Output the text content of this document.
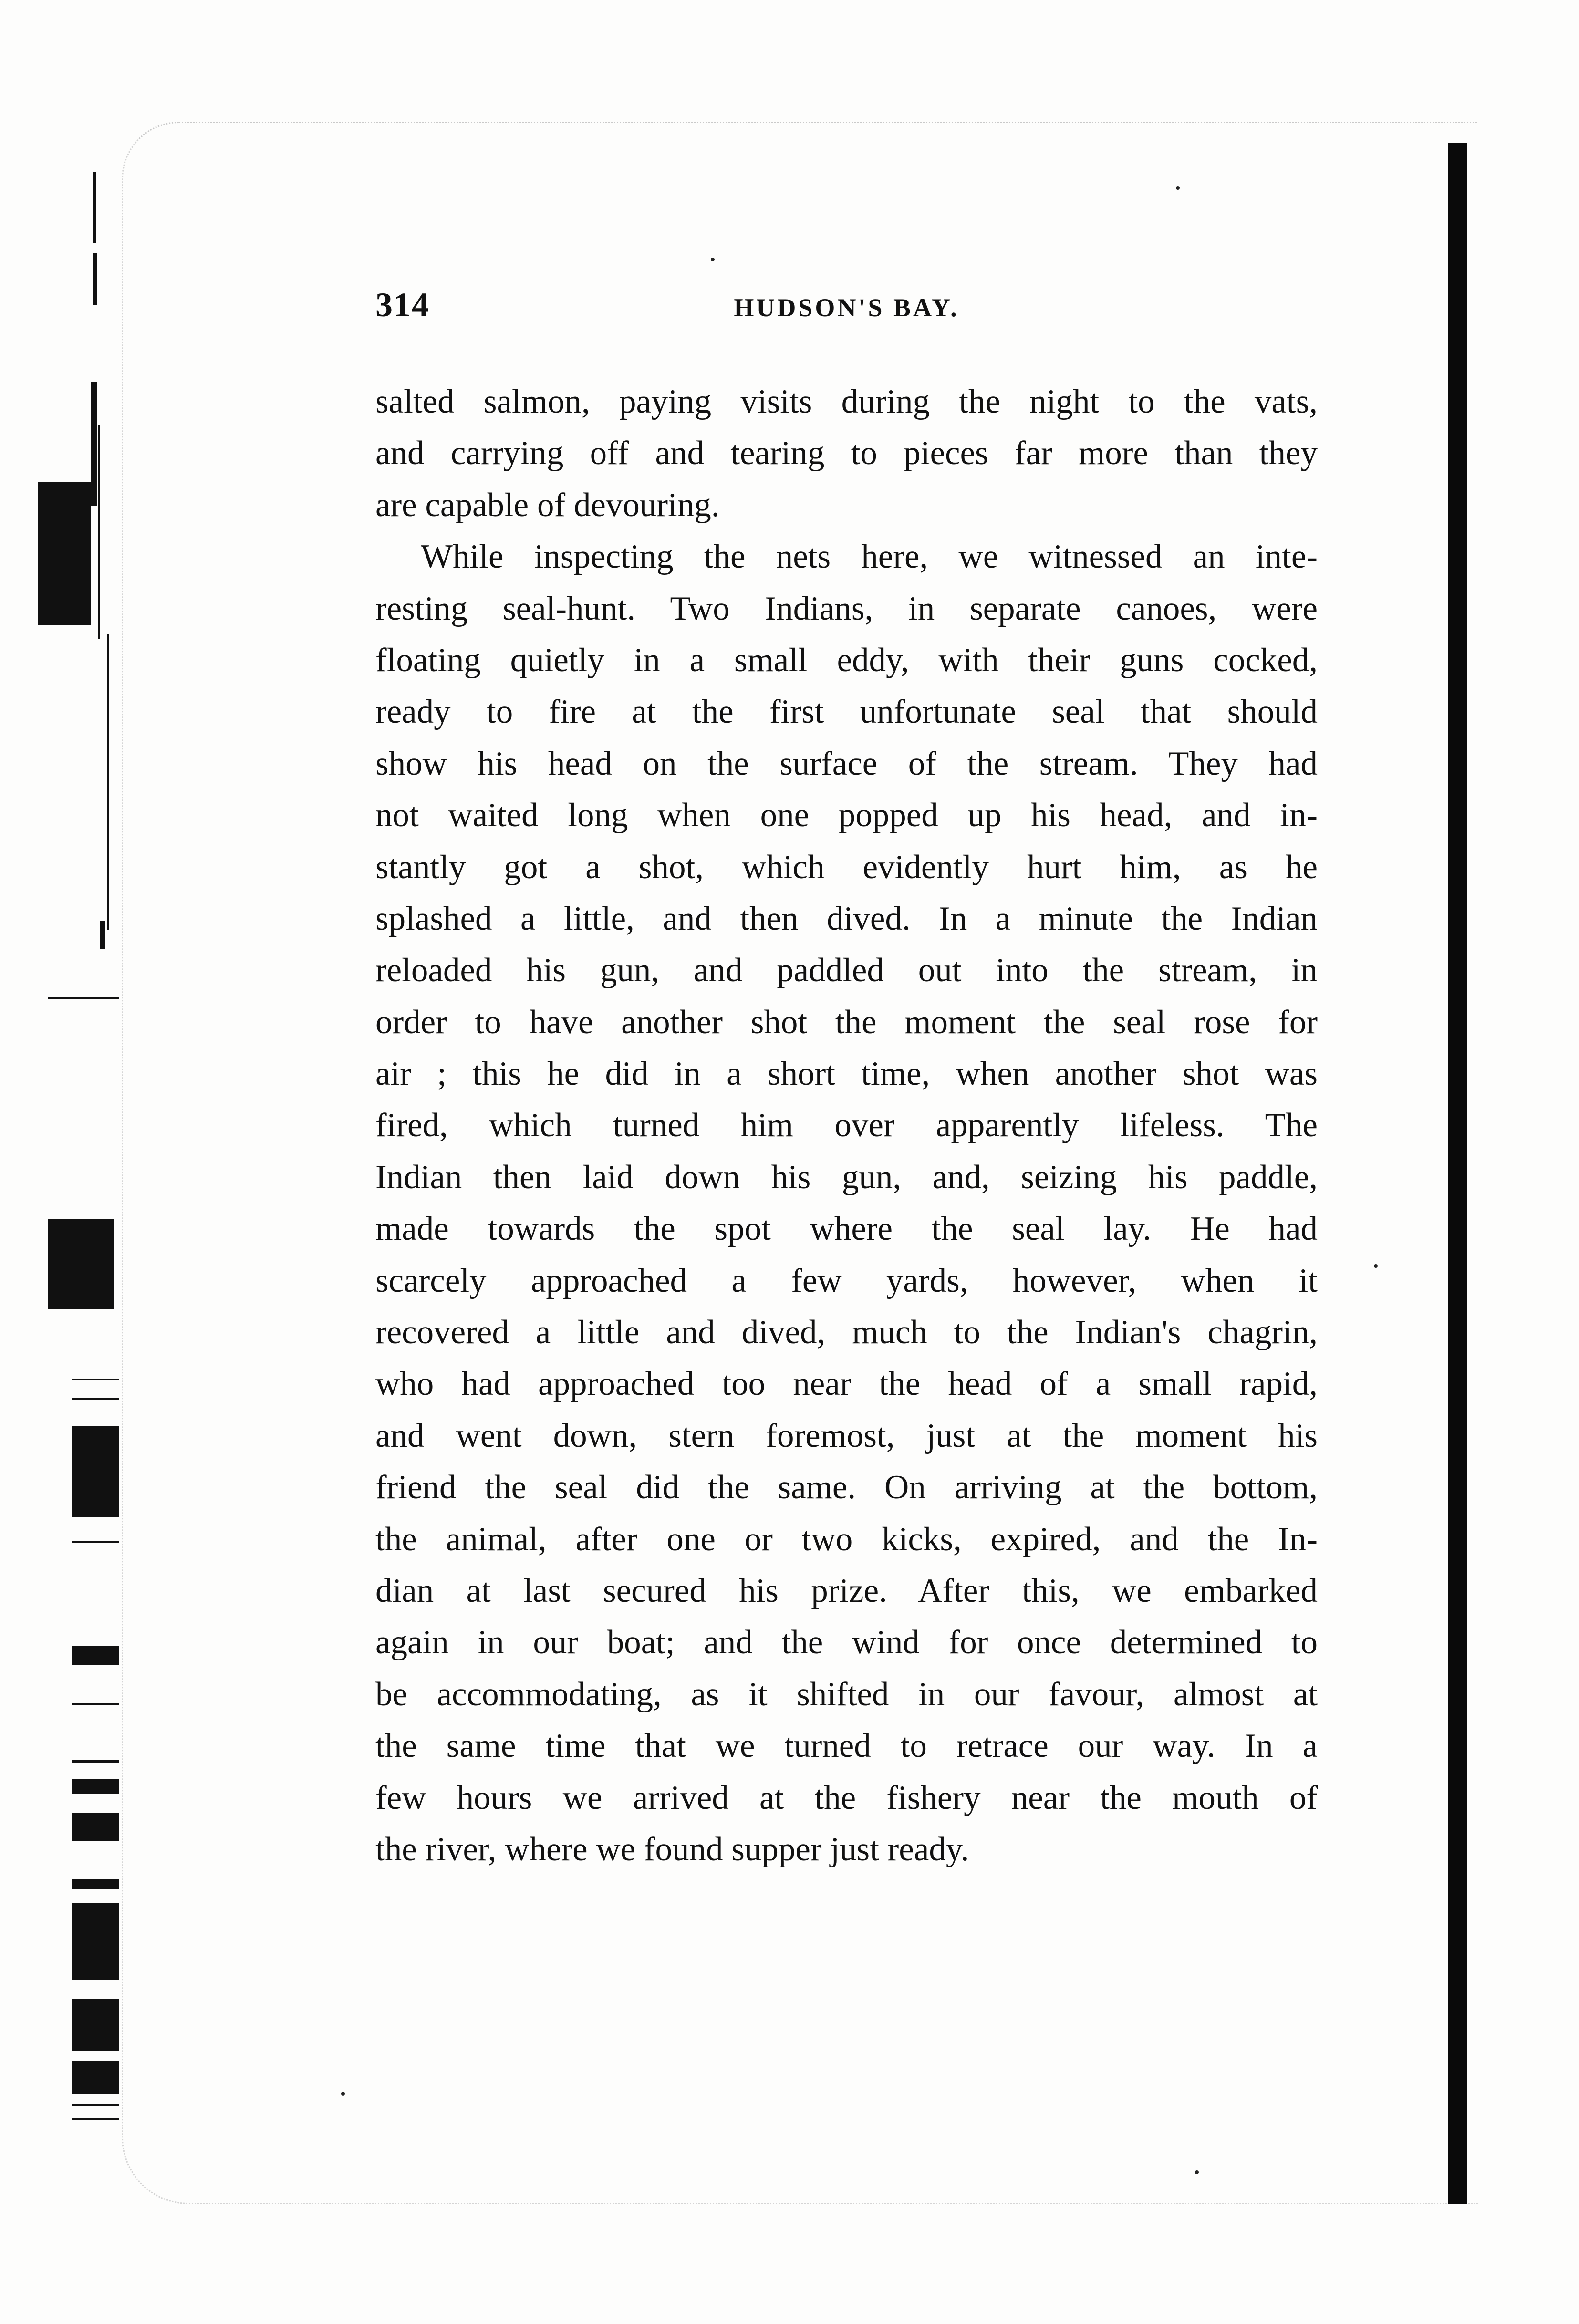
314	HUDSON'S BAY.
salted salmon, paying visits during the night to the vats,
and carrying off and tearing to pieces far more than they
are capable of devouring.
While inspecting the nets here, we witnessed an inte-
resting seal-hunt. Two Indians, in separate canoes, were
floating quietly in a small eddy, with their guns cocked,
ready to fire at the first unfortunate seal that should
show his head on the surface of the stream. They had
not waited long when one popped up his head, and in-
stantly got a shot, which evidently hurt him, as he
splashed a little, and then dived. In a minute the Indian
reloaded his gun, and paddled out into the stream, in
order to have another shot the moment the seal rose for
air ; this he did in a short time, when another shot was
fired, which turned him over apparently lifeless. The
Indian then laid down his gun, and, seizing his paddle,
made towards the spot where the seal lay. He had
scarcely approached a few yards, however, when it
recovered a little and dived, much to the Indian's chagrin,
who had approached too near the head of a small rapid,
and went down, stern foremost, just at the moment his
friend the seal did the same. On arriving at the bottom,
the animal, after one or two kicks, expired, and the In-
dian at last secured his prize. After this, we embarked
again in our boat; and the wind for once determined to
be accommodating, as it shifted in our favour, almost at
the same time that we turned to retrace our way. In a
few hours we arrived at the fishery near the mouth of
the river, where we found supper just ready.
